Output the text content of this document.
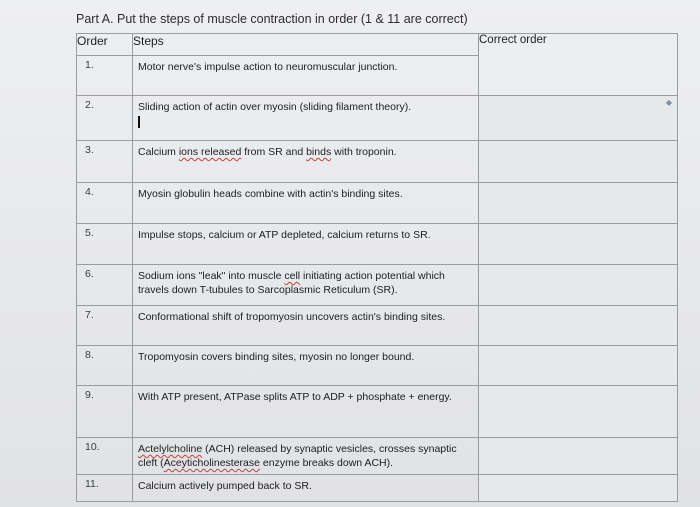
Part A. Put the steps of muscle contraction in order (1 & 11 are correct)
Order	Steps	Correct order

1.	Motor nerve's impulse action to neuromuscular junction.	

2.	Sliding action of actin over myosin (sliding filament theory).	◆

3.	Calcium ions released from SR and binds with troponin.	

4.	Myosin globulin heads combine with actin's binding sites.	

5.	Impulse stops, calcium or ATP depleted, calcium returns to SR.	

6.	Sodium ions "leak" into muscle cell initiating action potential which travels down T-tubules to Sarcoplasmic Reticulum (SR).	

7.	Conformational shift of tropomyosin uncovers actin's binding sites.	

8.	Tropomyosin covers binding sites, myosin no longer bound.	

9.	With ATP present, ATPase splits ATP to ADP + phosphate + energy.	

10.	Actelylcholine (ACH) released by synaptic vesicles, crosses synaptic cleft (Aceyticholinesterase enzyme breaks down ACH).	

11.	Calcium actively pumped back to SR.	
